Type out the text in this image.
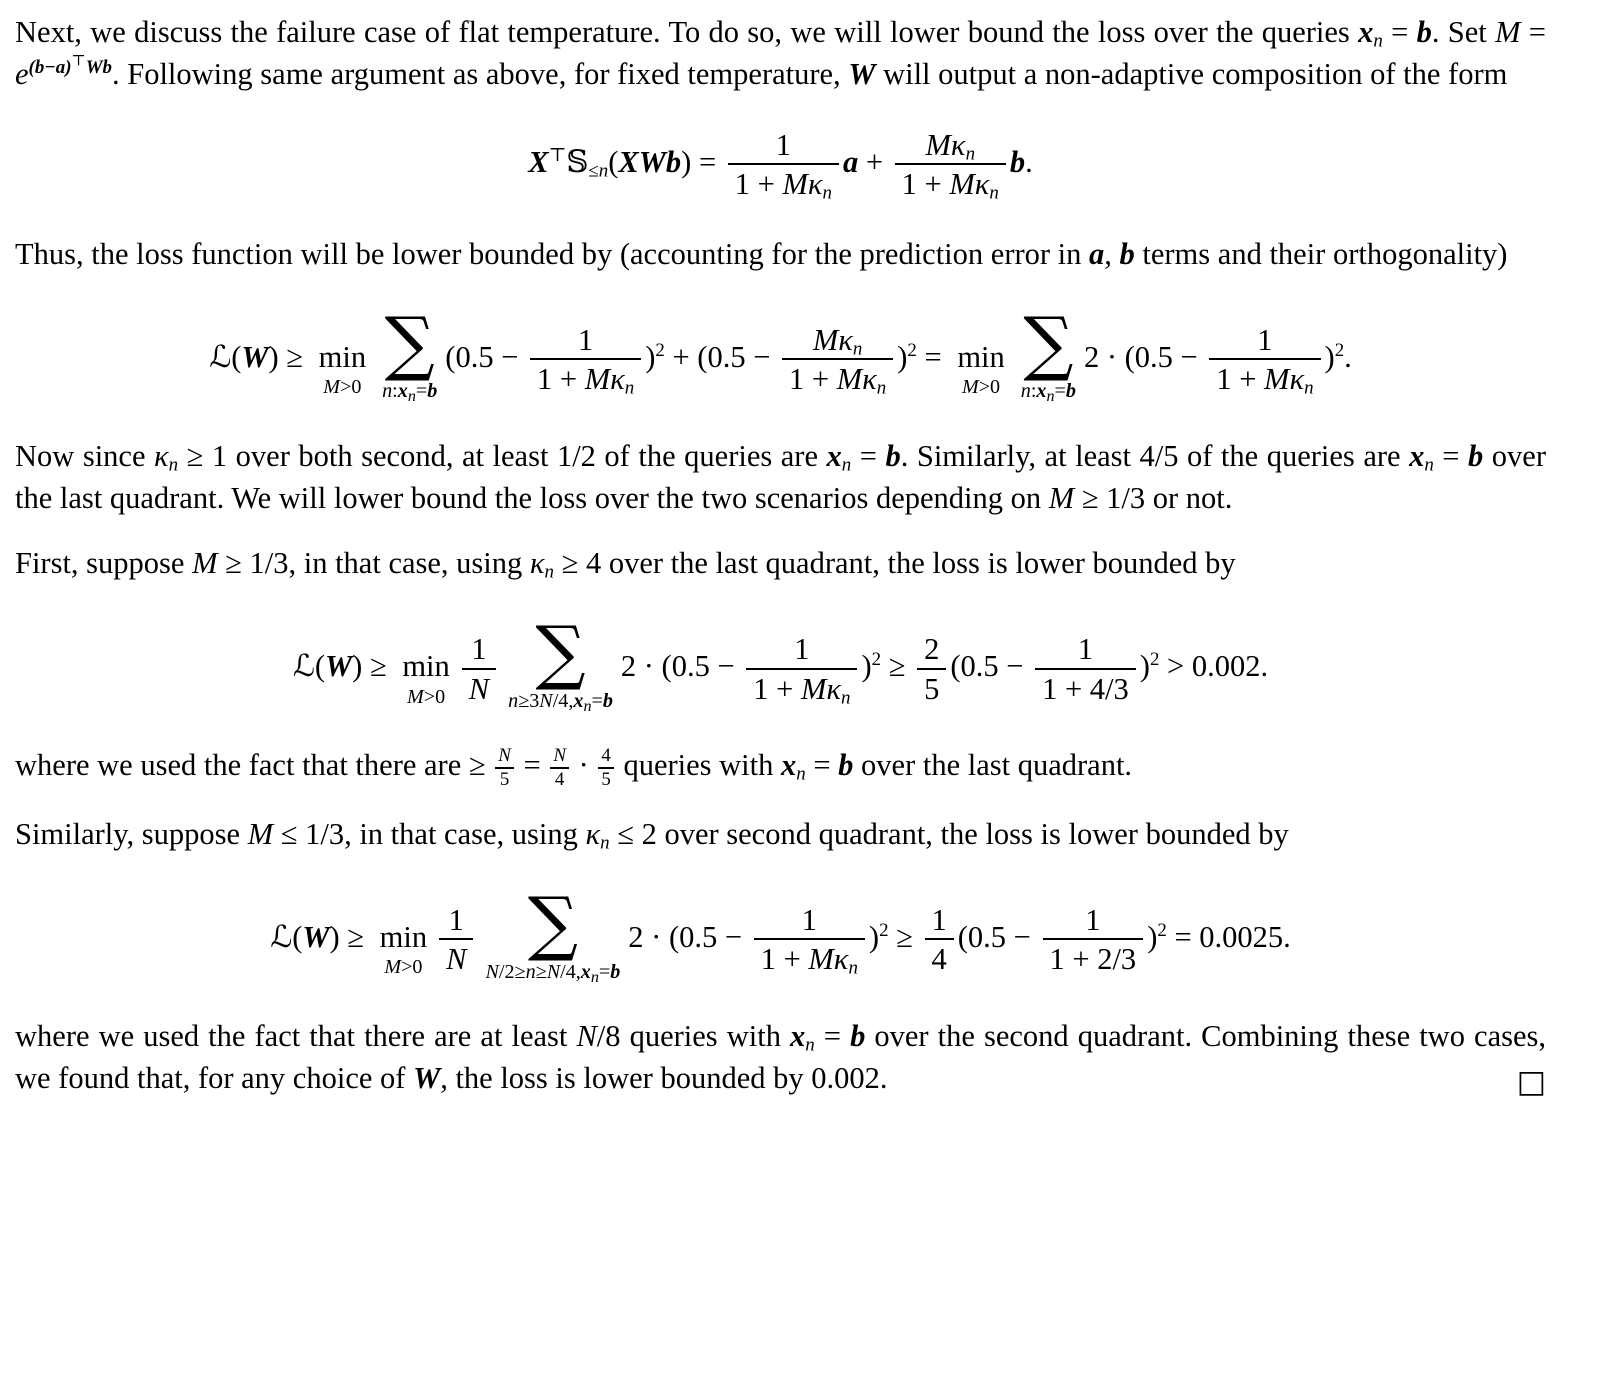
Next, we discuss the failure case of flat temperature. To do so, we will lower bound the loss over the queries $x_n = b$. Set $M = e^{(b-a)^⊤Wb}$. Following same argument as above, for fixed temperature, W will output a non-adaptive composition of the form

X⊤𝕊$_{\le n}$(XWb) =	1
$1 + M\kappa_n$
a +	$M\kappa_n$
$1 + M\kappa_n$
b.

Thus, the loss function will be lower bounded by (accounting for the prediction error in a, b terms and their orthogonality)

ℒ(W) ≥ min
M>0
∑
$n:x_n=b$
(0.5 −	1
$1 + M\kappa_n$
)$^2$ + (0.5 −	$M\kappa_n$
$1 + M\kappa_n$
)$^2$ = min
M>0
∑
$n:x_n=b$
2 · (0.5 −	1
$1 + M\kappa_n$
)$^2$.

Now since $\kappa_n \ge 1$ over both second, at least 1/2 of the queries are $x_n = b$. Similarly, at least 4/5 of the queries are $x_n = b$ over the last quadrant. We will lower bound the loss over the two scenarios depending on M ≥ 1/3 or not.

First, suppose M ≥ 1/3, in that case, using $\kappa_n \ge 4$ over the last quadrant, the loss is lower bounded by

ℒ(W) ≥ min
$M>0 \frac{1}{N}$ ∑
$n\ge 3N/4,x_n=b$
2 · (0.5 −	1
$1 + M\kappa_n$
)$^2 \ge \frac{2}{5} (0.5 - \frac{1}{1 + 4/3} )^2 > 0.002$.

where we used the fact that there are ≥ $\frac{N}{5} = \frac{N}{4} \cdot \frac{4}{5}$ queries with $x_n = b$ over the last quadrant.

Similarly, suppose M ≤ 1/3, in that case, using $\kappa_n \le 2$ over second quadrant, the loss is lower bounded by

ℒ(W) ≥ min
$M>0 \frac{1}{N}$ ∑
$N/2\ge n\ge N/4,x_n=b$
2 · (0.5 −	1
$1 + M\kappa_n$
)$^2 \ge \frac{1}{4} (0.5 - \frac{1}{1 + 2/3} )^2 = 0.0025$.

where we used the fact that there are at least N/8 queries with $x_n = b$ over the second quadrant. Combining these two cases, we found that, for any choice of W, the loss is lower bounded by 0.002.	□
